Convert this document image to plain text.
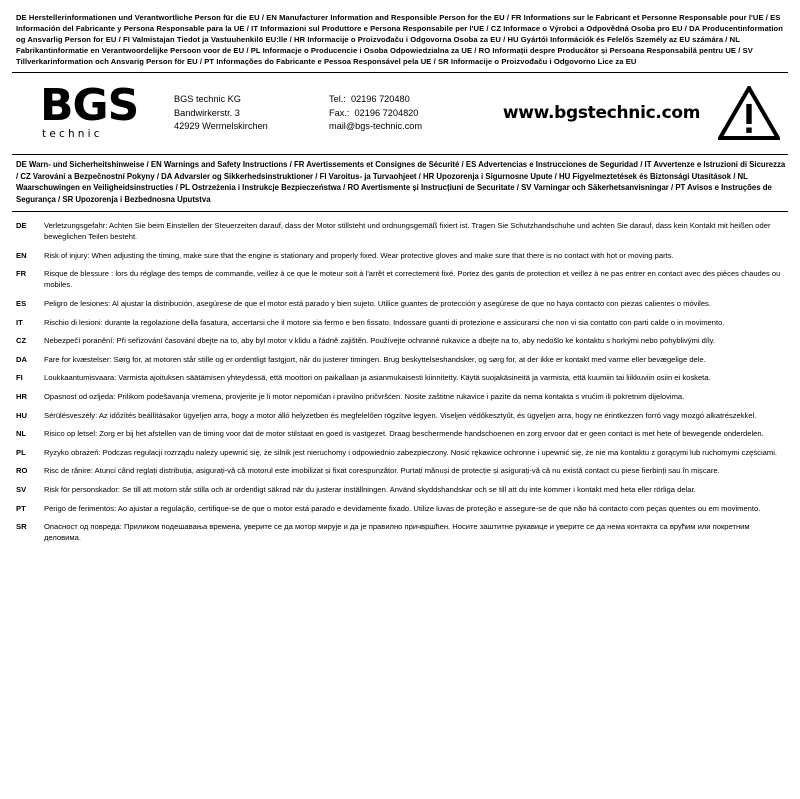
DE Herstellerinformationen und Verantwortliche Person für die EU / EN Manufacturer Information and Responsible Person for the EU / FR Informations sur le Fabricant et Personne Responsable pour l'UE / ES Información del Fabricante y Persona Responsable para la UE / IT Informazioni sul Produttore e Persona Responsabile per l'UE / CZ Informace o Výrobci a Odpovědná Osoba pro EU / DA Producentinformation og Ansvarlig Person for EU / FI Valmistajan Tiedot ja Vastuuhenkilö EU:lle / HR Informacije o Proizvođaču i Odgovorna Osoba za EU / HU Gyártói Információk és Felelős Személy az EU számára / NL Fabrikantinformatie en Verantwoordelijke Persoon voor de EU / PL Informacje o Producencie i Osoba Odpowiedzialna za UE / RO Informații despre Producător și Persoana Responsabilă pentru UE / SV Tillverkarinformation och Ansvarig Person för EU / PT Informações do Fabricante e Pessoa Responsável pela UE / SR Informacije o Proizvođaču i Odgovorno Lice za EU
BGS
technic
BGS technic KG
Bandwirkerstr. 3
42929 Wermelskirchen
Tel.: 02196 720480
Fax.: 02196 7204820
mail@bgs-technic.com
www.bgstechnic.com
DE Warn- und Sicherheitshinweise / EN Warnings and Safety Instructions / FR Avertissements et Consignes de Sécurité / ES Advertencias e Instrucciones de Seguridad / IT Avvertenze e Istruzioni di Sicurezza / CZ Varování a Bezpečnostní Pokyny / DA Advarsler og Sikkerhedsinstruktioner / FI Varoitus- ja Turvaohjeet / HR Upozorenja i Sigurnosne Upute / HU Figyelmeztetések és Biztonsági Utasítások / NL Waarschuwingen en Veiligheidsinstructies / PL Ostrzeżenia i Instrukcje Bezpieczeństwa / RO Avertismente și Instrucțiuni de Securitate / SV Varningar och Säkerhetsanvisningar / PT Avisos e Instruções de Segurança / SR Upozorenja i Bezbednosna Uputstva
DE	Verletzungsgefahr: Achten Sie beim Einstellen der Steuerzeiten darauf, dass der Motor stillsteht und ordnungsgemäß fixiert ist. Tragen Sie Schutzhandschuhe und achten Sie darauf, dass kein Kontakt mit heißen oder beweglichen Teilen besteht.
EN	Risk of injury: When adjusting the timing, make sure that the engine is stationary and properly fixed. Wear protective gloves and make sure that there is no contact with hot or moving parts.
FR	Risque de blessure : lors du réglage des temps de commande, veillez à ce que le moteur soit à l'arrêt et correctement fixé. Portez des gants de protection et veillez à ne pas entrer en contact avec des pièces chaudes ou mobiles.
ES	Peligro de lesiones: Al ajustar la distribución, asegúrese de que el motor está parado y bien sujeto. Utilice guantes de protección y asegúrese de que no haya contacto con piezas calientes o móviles.
IT	Rischio di lesioni: durante la regolazione della fasatura, accertarsi che il motore sia fermo e ben fissato. Indossare guanti di protezione e assicurarsi che non vi sia contatto con parti calde o in movimento.
CZ	Nebezpečí poranění: Při seřizování časování dbejte na to, aby byl motor v klidu a řádně zajištěn. Používejte ochranné rukavice a dbejte na to, aby nedošlo ke kontaktu s horkými nebo pohyblivými díly.
DA	Fare for kvæstelser: Sørg for, at motoren står stille og er ordentligt fastgjort, når du justerer timingen. Brug beskyttelseshandsker, og sørg for, at der ikke er kontakt med varme eller bevægelige dele.
FI	Loukkaantumisvaara: Varmista ajoituksen säätämisen yhteydessä, että moottori on paikallaan ja asianmukaisesti kiinnitetty. Käytä suojakäsineitä ja varmista, että kuumiin tai liikkuviin osiin ei kosketa.
HR	Opasnost od ozljeda: Prilikom podešavanja vremena, provjerite je li motor nepomičan i pravilno pričvršćen. Nosite zaštitne rukavice i pazite da nema kontakta s vrućim ili pokretnim dijelovima.
HU	Sérülésveszély: Az időzítés beállításakor ügyeljen arra, hogy a motor álló helyzetben és megfelelően rögzítve legyen. Viseljen védőkesztyűt, és ügyeljen arra, hogy ne érintkezzen forró vagy mozgó alkatrészekkel.
NL	Risico op letsel: Zorg er bij het afstellen van de timing voor dat de motor stilstaat en goed is vastgezet. Draag beschermende handschoenen en zorg ervoor dat er geen contact is met hete of bewegende onderdelen.
PL	Ryzyko obrażeń: Podczas regulacji rozrządu należy upewnić się, że silnik jest nieruchomy i odpowiednio zabezpieczony. Nosić rękawice ochronne i upewnić się, że nie ma kontaktu z gorącymi lub ruchomymi częściami.
RO	Risc de rănire: Atunci când reglați distribuția, asigurați-vă că motorul este imobilizat și fixat corespunzător. Purtați mănuși de protecție și asigurați-vă că nu există contact cu piese fierbinți sau în mișcare.
SV	Risk för personskador: Se till att motorn står stilla och är ordentligt säkrad när du justerar inställningen. Använd skyddshandskar och se till att du inte kommer i kontakt med heta eller rörliga delar.
PT	Perigo de ferimentos: Ao ajustar a regulação, certifique-se de que o motor está parado e devidamente fixado. Utilize luvas de proteção e assegure-se de que não há contacto com peças quentes ou em movimento.
SR	Опасност од повреда: Приликом подешавања времена, уверите се да мотор мирује и да је правилно причвршћен. Носите заштитне рукавице и уверите се да нема контакта са врућим или покретним деловима.
